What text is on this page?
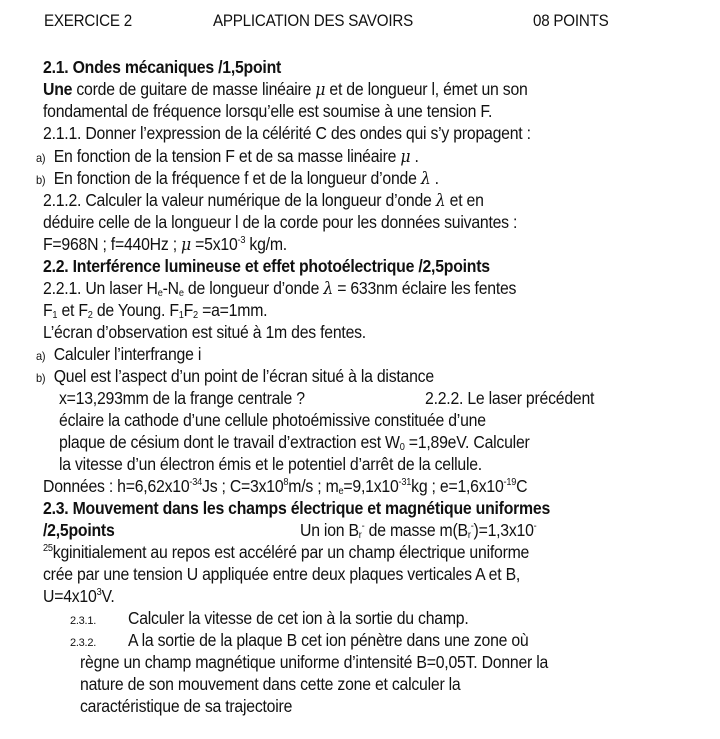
EXERCICE 2	APPLICATION DES SAVOIRS	08 POINTS
2.1. Ondes mécaniques /1,5point
Une corde de guitare de masse linéaire μ et de longueur l, émet un son
fondamental de fréquence lorsqu’elle est soumise à une tension F.
2.1.1. Donner l’expression de la célérité C des ondes qui s’y propagent :
a) En fonction de la tension F et de sa masse linéaire μ .
b) En fonction de la fréquence f et de la longueur d’onde λ .
2.1.2. Calculer la valeur numérique de la longueur d’onde λ et en
déduire celle de la longueur l de la corde pour les données suivantes :
F=968N ; f=440Hz ; $\mu =5x10^{-3}$ kg/m.
2.2. Interférence lumineuse et effet photoélectrique /2,5points
2.2.1. Un laser $H_e-N_e$ de longueur d’onde λ = 633nm éclaire les fentes
$F_1$ et $F_2$ de Young. $F_1F_2 =a=1mm$.
L’écran d’observation est situé à 1m des fentes.
a) Calculer l’interfrange i
b) Quel est l’aspect d’un point de l’écran situé à la distance
x=13,293mm de la frange centrale ?	2.2.2. Le laser précédent
éclaire la cathode d’une cellule photoémissive constituée d’une
plaque de césium dont le travail d’extraction est $W_0 =1,89eV$. Calculer
la vitesse d’un électron émis et le potentiel d’arrêt de la cellule.
Données : $h=6,62x10^{-34}Js$ ; $C=3x10^8m/s$ ; $m_e=9,1x10^{-31}kg$ ; $e=1,6x10^{-19}C$
2.3. Mouvement dans les champs électrique et magnétique uniformes
/2,5points	Un ion $B_r^-$ de masse $m(B_r^-)=1,3x10^-$
$^{25}$kginitialement au repos est accéléré par un champ électrique uniforme
crée par une tension U appliquée entre deux plaques verticales A et B,
$U=4x10^3V$.
2.3.1. Calculer la vitesse de cet ion à la sortie du champ.
2.3.2. A la sortie de la plaque B cet ion pénètre dans une zone où
règne un champ magnétique uniforme d’intensité B=0,05T. Donner la
nature de son mouvement dans cette zone et calculer la
caractéristique de sa trajectoire
